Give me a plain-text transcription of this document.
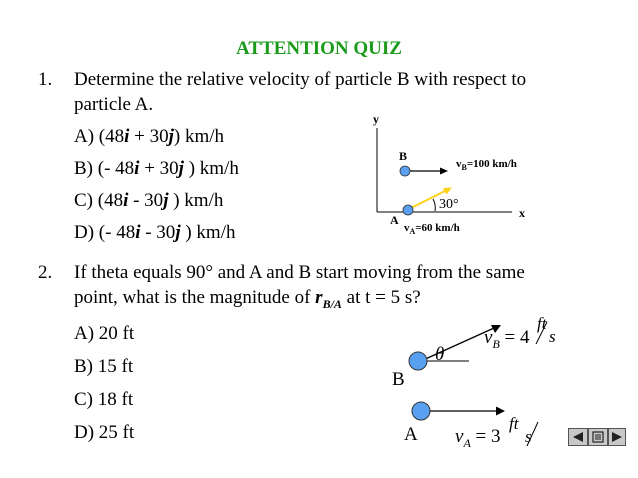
ATTENTION QUIZ
1. Determine the relative velocity of particle B with respect to
particle A.
A) (48i + 30j) km/h
B) (- 48i + 30j ) km/h
C) (48i - 30j ) km/h
D) (- 48i - 30j ) km/h
y
x
B
A
$v_B=100$ km/h
30°
$v_A=60$ km/h
2. If theta equals 90° and A and B start moving from the same
point, what is the magnitude of $r_{B/A}$ at t = 5 s?
A) 20 ft
B) 15 ft
C) 18 ft
D) 25 ft
θ
B
A
$v_B = 4$
ft
s
$v_A = 3$
ft
s
